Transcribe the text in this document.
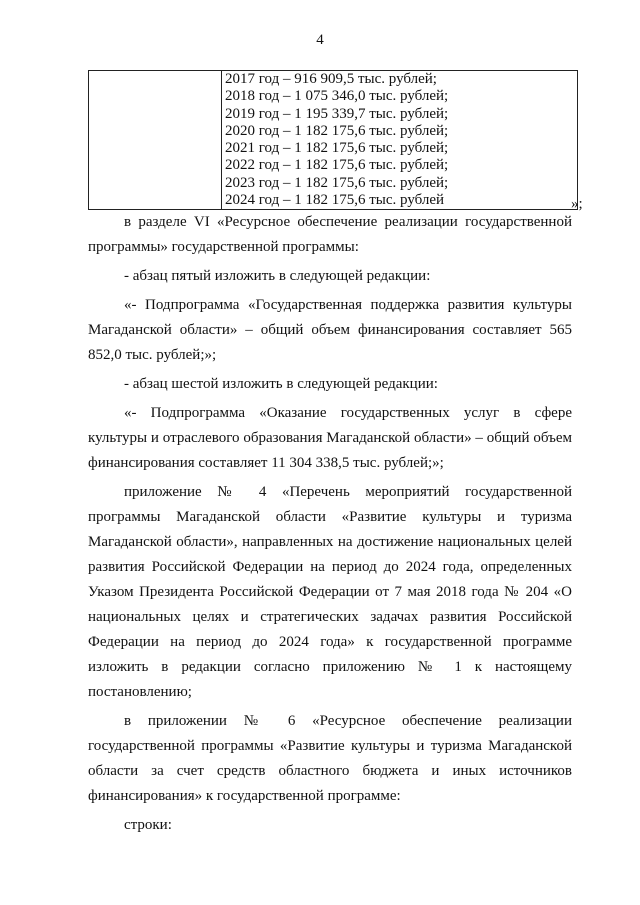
4

2017 год – 916 909,5 тыс. рублей;
2018 год – 1 075 346,0 тыс. рублей;
2019 год – 1 195 339,7 тыс. рублей;
2020 год – 1 182 175,6 тыс. рублей;
2021 год – 1 182 175,6 тыс. рублей;
2022 год – 1 182 175,6 тыс. рублей;
2023 год – 1 182 175,6 тыс. рублей;
2024 год – 1 182 175,6 тыс. рублей	»;

в разделе VI «Ресурсное обеспечение реализации государственной программы» государственной программы:

- абзац пятый изложить в следующей редакции:

«- Подпрограмма «Государственная поддержка развития культуры Магаданской области» – общий объем финансирования составляет 565 852,0 тыс. рублей;»;

- абзац шестой изложить в следующей редакции:

«- Подпрограмма «Оказание государственных услуг в сфере культуры и отраслевого образования Магаданской области» – общий объем финансирования составляет 11 304 338,5 тыс. рублей;»;

приложение № 4 «Перечень мероприятий государственной программы Магаданской области «Развитие культуры и туризма Магаданской области», направленных на достижение национальных целей развития Российской Федерации на период до 2024 года, определенных Указом Президента Российской Федерации от 7 мая 2018 года № 204 «О национальных целях и стратегических задачах развития Российской Федерации на период до 2024 года» к государственной программе изложить в редакции согласно приложению № 1 к настоящему постановлению;

в приложении № 6 «Ресурсное обеспечение реализации государственной программы «Развитие культуры и туризма Магаданской области за счет средств областного бюджета и иных источников финансирования» к государственной программе:

строки:
